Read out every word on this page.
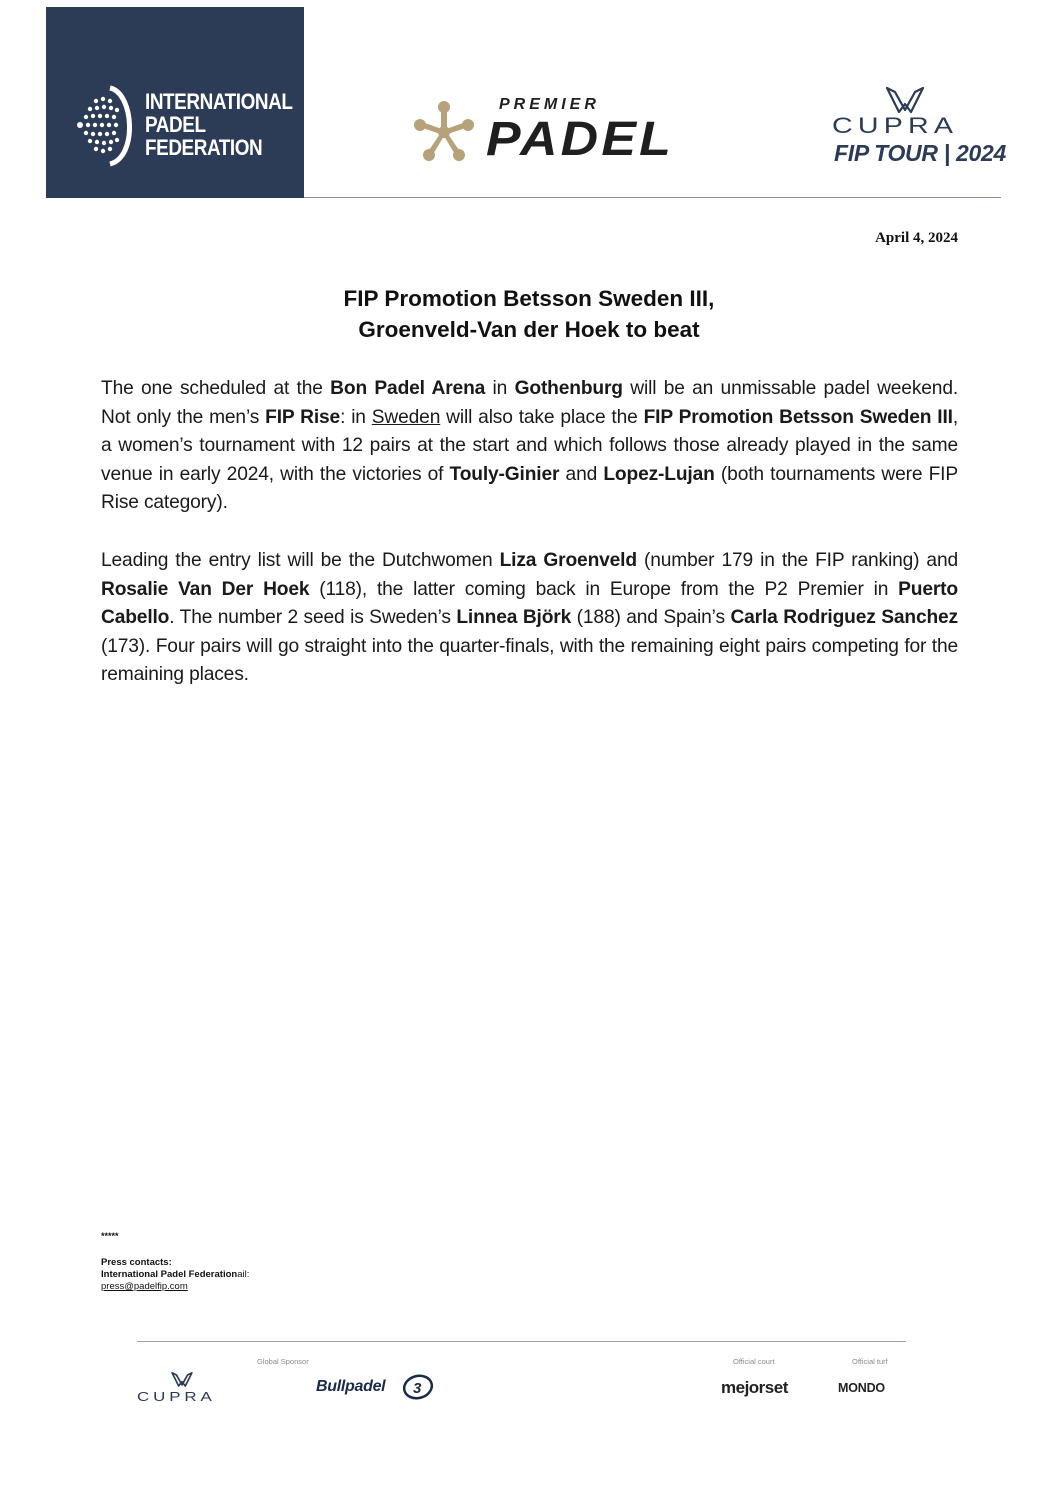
INTERNATIONAL
PADEL
FEDERATION
PREMIER
PADEL	CUPRA
FIP TOUR | 2024
April 4, 2024
FIP Promotion Betsson Sweden III,
Groenveld-Van der Hoek to beat
The one scheduled at the Bon Padel Arena in Gothenburg will be an unmissable padel weekend. Not only the men’s FIP Rise: in Sweden will also take place the FIP Promotion Betsson Sweden III, a women’s tournament with 12 pairs at the start and which follows those already played in the same venue in early 2024, with the victories of Touly-Ginier and Lopez-Lujan (both tournaments were FIP Rise category).
Leading the entry list will be the Dutchwomen Liza Groenveld (number 179 in the FIP ranking) and Rosalie Van Der Hoek (118), the latter coming back in Europe from the P2 Premier in Puerto Cabello. The number 2 seed is Sweden’s Linnea Björk (188) and Spain’s Carla Rodriguez Sanchez (173). Four pairs will go straight into the quarter-finals, with the remaining eight pairs competing for the remaining places.
*****
Press contacts:
International Padel Federationail:
press@padelfip.com
Global Sponsor	Official court	Official turf
CUPRA
Bullpadel 3	mejorset	MONDO
